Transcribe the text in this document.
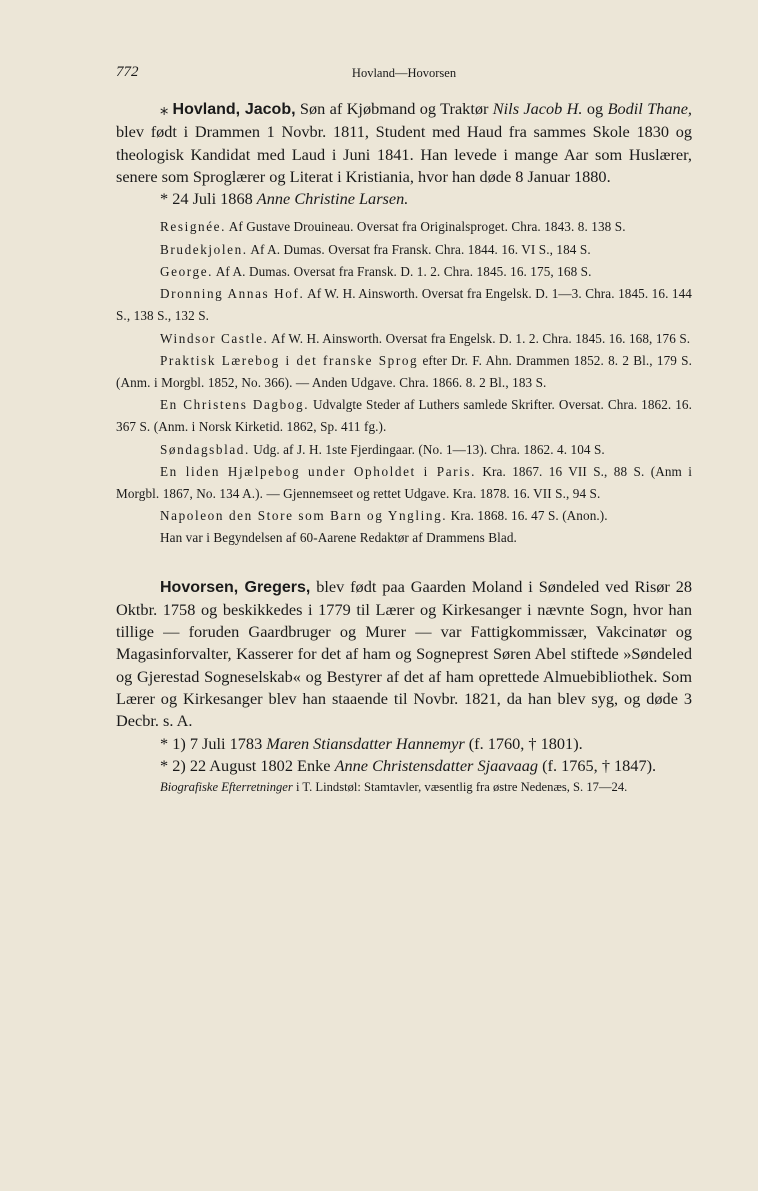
772	Hovland—Hovorsen

⁎ Hovland, Jacob, Søn af Kjøbmand og Traktør Nils Jacob H. og Bodil Thane, blev født i Drammen 1 Novbr. 1811, Student med Haud fra sammes Skole 1830 og theologisk Kandidat med Laud i Juni 1841. Han levede i mange Aar som Huslærer, senere som Sproglærer og Literat i Kristiania, hvor han døde 8 Januar 1880.

* 24 Juli 1868 Anne Christine Larsen.

Resignée. Af Gustave Drouineau. Oversat fra Originalsproget. Chra. 1843. 8. 138 S.

Brudekjolen. Af A. Dumas. Oversat fra Fransk. Chra. 1844. 16. VI S., 184 S.

George. Af A. Dumas. Oversat fra Fransk. D. 1. 2. Chra. 1845. 16. 175, 168 S.

Dronning Annas Hof. Af W. H. Ainsworth. Oversat fra Engelsk. D. 1—3. Chra. 1845. 16. 144 S., 138 S., 132 S.

Windsor Castle. Af W. H. Ainsworth. Oversat fra Engelsk. D. 1. 2. Chra. 1845. 16. 168, 176 S.

Praktisk Lærebog i det franske Sprog efter Dr. F. Ahn. Drammen 1852. 8. 2 Bl., 179 S. (Anm. i Morgbl. 1852, No. 366). — Anden Udgave. Chra. 1866. 8. 2 Bl., 183 S.

En Christens Dagbog. Udvalgte Steder af Luthers samlede Skrifter. Oversat. Chra. 1862. 16. 367 S. (Anm. i Norsk Kirketid. 1862, Sp. 411 fg.).

Søndagsblad. Udg. af J. H. 1ste Fjerdingaar. (No. 1—13). Chra. 1862. 4. 104 S.

En liden Hjælpebog under Opholdet i Paris. Kra. 1867. 16 VII S., 88 S. (Anm i Morgbl. 1867, No. 134 A.). — Gjennemseet og rettet Udgave. Kra. 1878. 16. VII S., 94 S.

Napoleon den Store som Barn og Yngling. Kra. 1868. 16. 47 S. (Anon.).

Han var i Begyndelsen af 60-Aarene Redaktør af Drammens Blad.

Hovorsen, Gregers, blev født paa Gaarden Moland i Søndeled ved Risør 28 Oktbr. 1758 og beskikkedes i 1779 til Lærer og Kirkesanger i nævnte Sogn, hvor han tillige — foruden Gaardbruger og Murer — var Fattigkommissær, Vakcinatør og Magasinforvalter, Kasserer for det af ham og Sogneprest Søren Abel stiftede »Søndeled og Gjerestad Sogneselskab« og Bestyrer af det af ham oprettede Almuebibliothek. Som Lærer og Kirkesanger blev han staaende til Novbr. 1821, da han blev syg, og døde 3 Decbr. s. A.

* 1) 7 Juli 1783 Maren Stiansdatter Hannemyr (f. 1760, † 1801).

* 2) 22 August 1802 Enke Anne Christensdatter Sjaavaag (f. 1765, † 1847).

Biografiske Efterretninger i T. Lindstøl: Stamtavler, væsentlig fra østre Nedenæs, S. 17—24.
